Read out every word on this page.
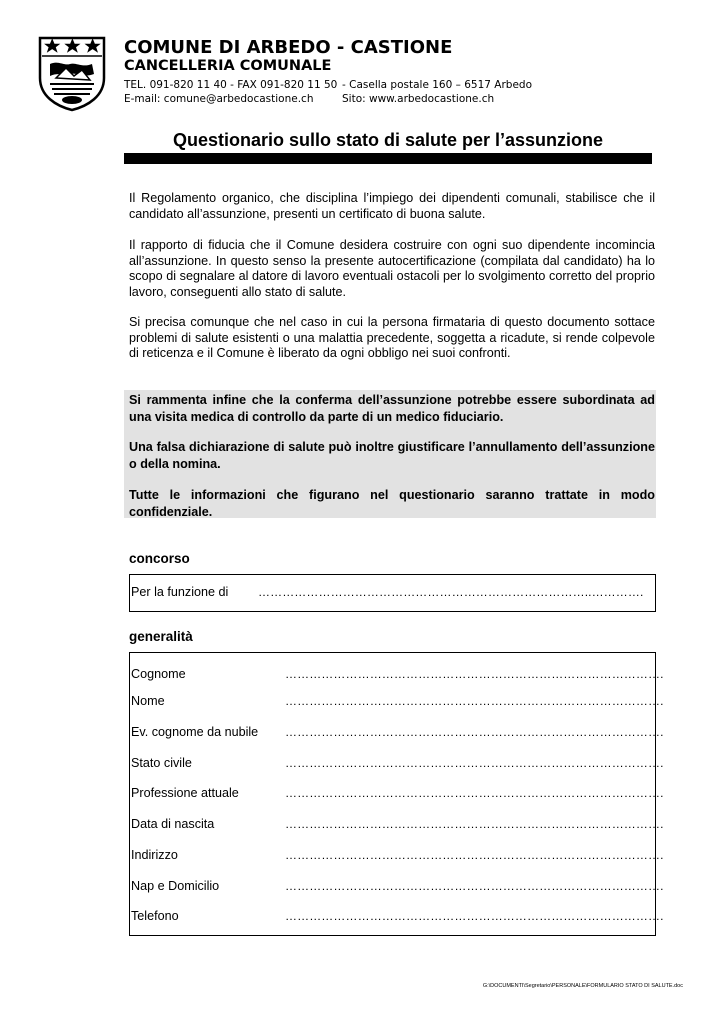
COMUNE DI ARBEDO - CASTIONE
CANCELLERIA COMUNALE
TEL. 091-820 11 40 - FAX 091-820 11 50 - Casella postale 160 – 6517 Arbedo
E-mail: comune@arbedocastione.ch	Sito: www.arbedocastione.ch
Questionario sullo stato di salute per l’assunzione
Il Regolamento organico, che disciplina l’impiego dei dipendenti comunali, stabilisce che il candidato all’assunzione, presenti un certificato di buona salute.
Il rapporto di fiducia che il Comune desidera costruire con ogni suo dipendente incomincia all’assunzione. In questo senso la presente autocertificazione (compilata dal candidato) ha lo scopo di segnalare al datore di lavoro eventuali ostacoli per lo svolgimento corretto del proprio lavoro, conseguenti allo stato di salute.
Si precisa comunque che nel caso in cui la persona firmataria di questo documento sottace problemi di salute esistenti o una malattia precedente, soggetta a ricadute, si rende colpevole di reticenza e il Comune è liberato da ogni obbligo nei suoi confronti.
Si rammenta infine che la conferma dell’assunzione potrebbe essere subordinata ad una visita medica di controllo da parte di un medico fiduciario.
Una falsa dichiarazione di salute può inoltre giustificare l’annullamento dell’assunzione o della nomina.
Tutte le informazioni che figurano nel questionario saranno trattate in modo confidenziale.
concorso
Per la funzione di ………………………………………………………………………..………….
generalità
Cognome	………………………………………………………………………………….
Nome	………………………………………………………………………………….
Ev. cognome da nubile ………………………………………………………………………………….
Stato civile	………………………………………………………………………………….
Professione attuale	………………………………………………………………………………….
Data di nascita	………………………………………………………………………………….
Indirizzo	………………………………………………………………………………….
Nap e Domicilio	………………………………………………………………………………….
Telefono	………………………………………………………………………………….
G:\DOCUMENTI\Segretario\PERSONALE\FORMULARIO STATO DI SALUTE.doc
